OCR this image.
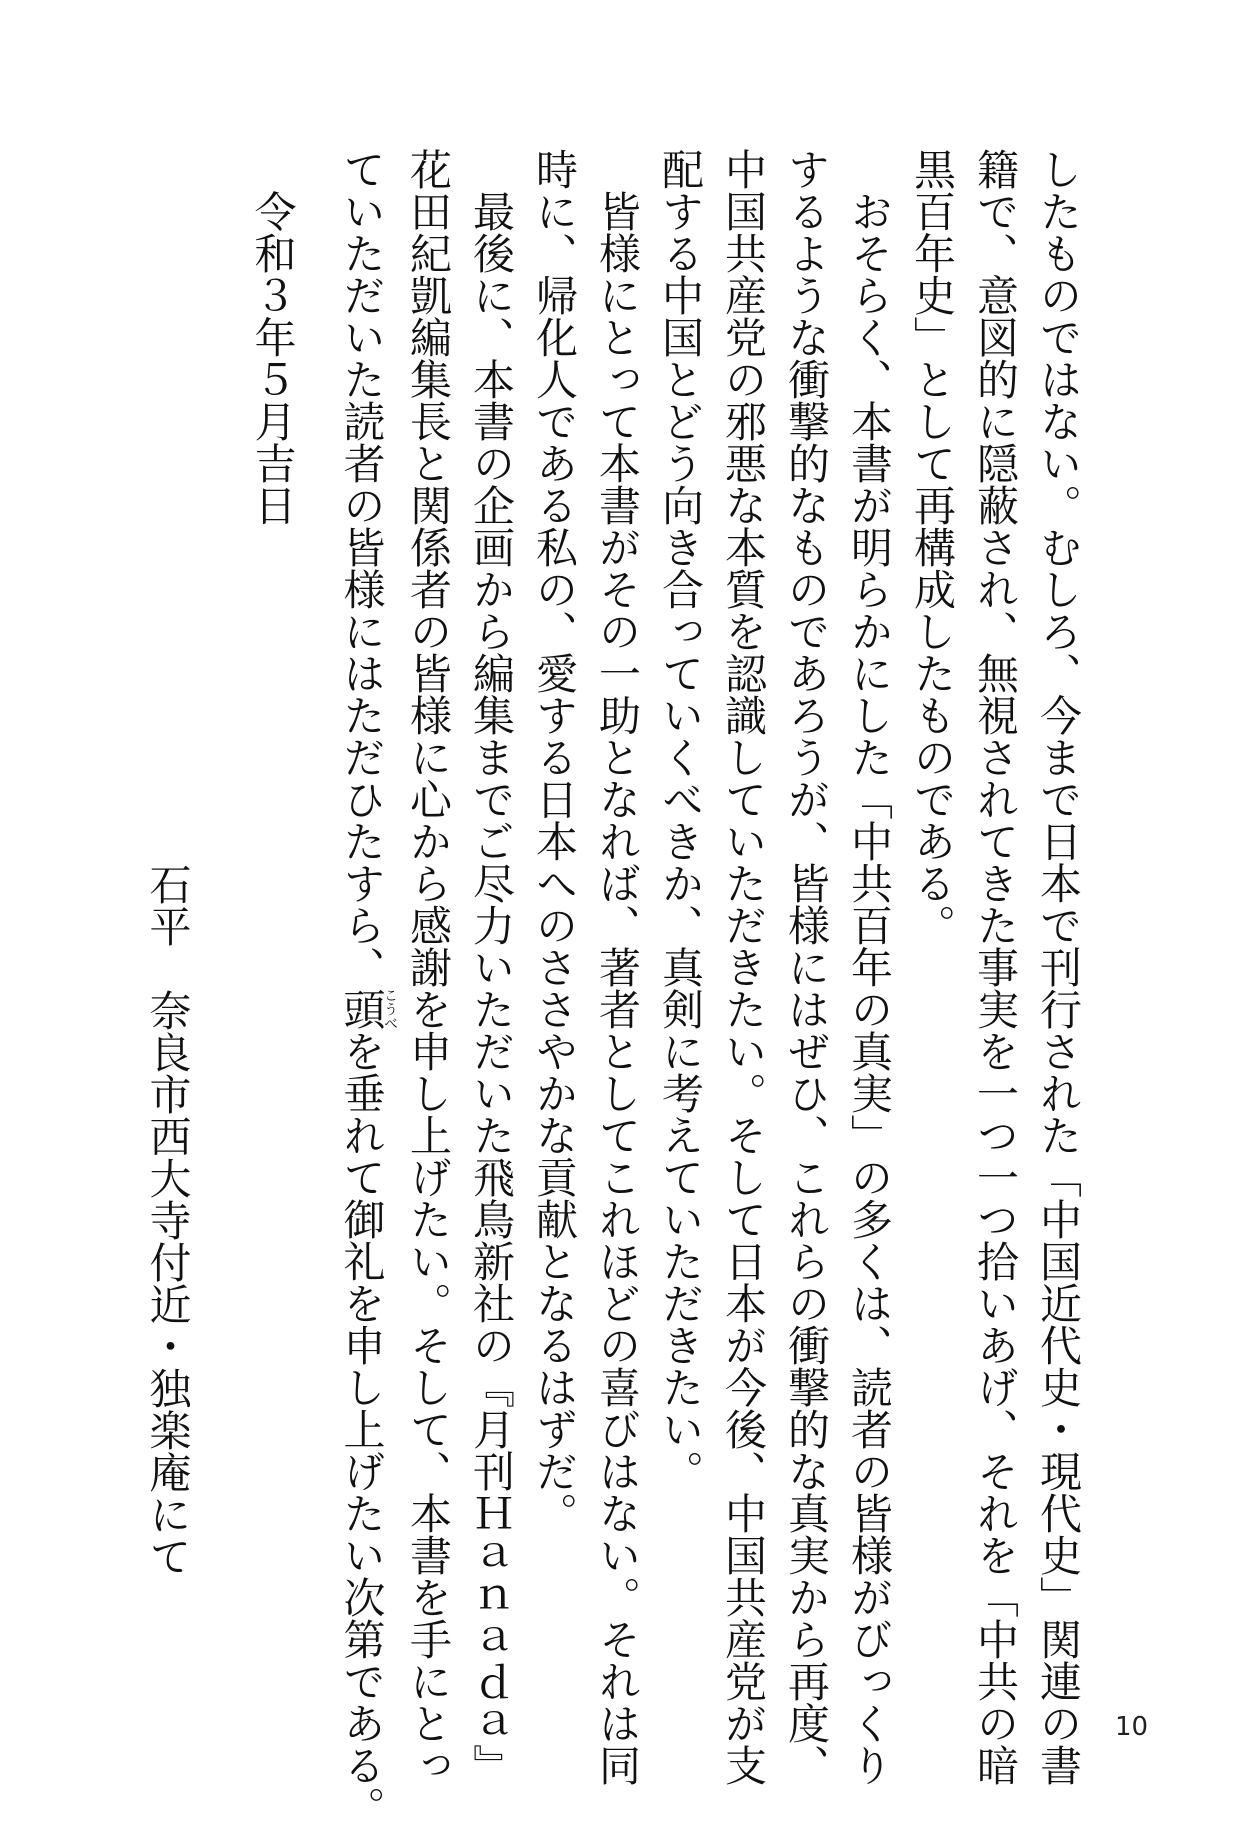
したものではない。むしろ、今まで日本で刊行された「中国近代史・現代史」関連の書
籍で、意図的に隠蔽され、無視されてきた事実を一つ一つ拾いあげ、それを「中共の暗
黒百年史」として再構成したものである。
　おそらく、本書が明らかにした「中共百年の真実」の多くは、読者の皆様がびっくり
するような衝撃的なものであろうが、皆様にはぜひ、これらの衝撃的な真実から再度、
中国共産党の邪悪な本質を認識していただきたい。そして日本が今後、中国共産党が支
配する中国とどう向き合っていくべきか、真剣に考えていただきたい。
　皆様にとって本書がその一助となれば、著者としてこれほどの喜びはない。それは同
時に、帰化人である私の、愛する日本へのささやかな貢献となるはずだ。
　最後に、本書の企画から編集までご尽力いただいた飛鳥新社の『月刊Ｈａｎａｄａ』
花田紀凱編集長と関係者の皆様に心から感謝を申し上げたい。そして、本書を手にとっ
ていただいた読者の皆様にはただひたすら、頭こうべを垂れて御礼を申し上げたい次第である。
令和３年５月吉日
石平　奈良市西大寺付近・独楽庵にて
10
